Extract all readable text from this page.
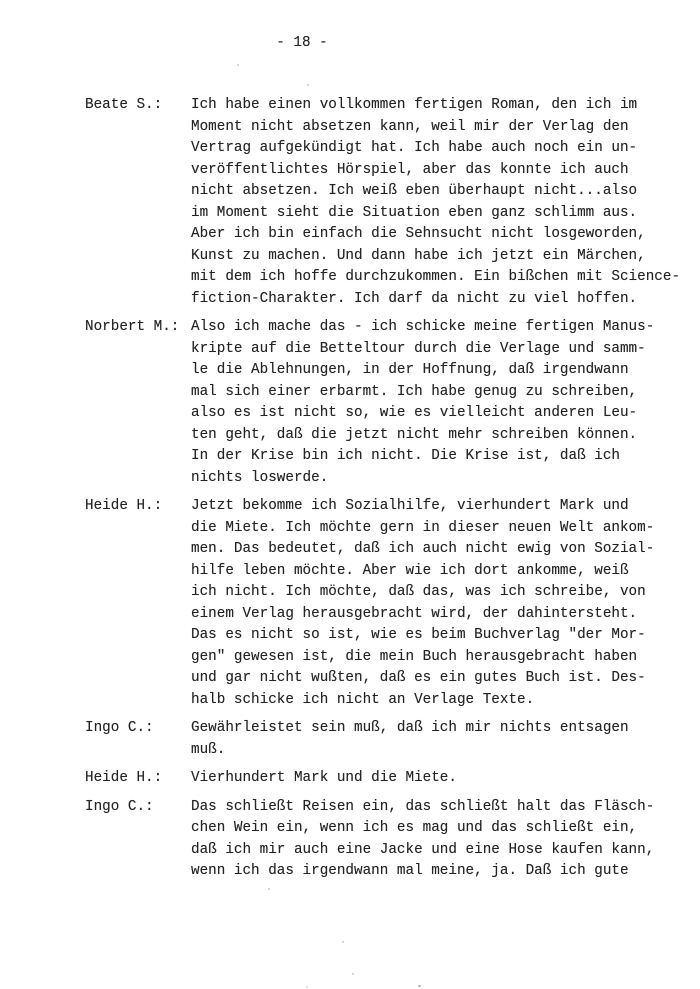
- 18 -
Beate S.:	Ich habe einen vollkommen fertigen Roman, den ich im
Moment nicht absetzen kann, weil mir der Verlag den
Vertrag aufgekündigt hat. Ich habe auch noch ein un-
veröffentlichtes Hörspiel, aber das konnte ich auch
nicht absetzen. Ich weiß eben überhaupt nicht...also
im Moment sieht die Situation eben ganz schlimm aus.
Aber ich bin einfach die Sehnsucht nicht losgeworden,
Kunst zu machen. Und dann habe ich jetzt ein Märchen,
mit dem ich hoffe durchzukommen. Ein bißchen mit Science-
fiction-Charakter. Ich darf da nicht zu viel hoffen.
Norbert M.: Also ich mache das - ich schicke meine fertigen Manus-
kripte auf die Betteltour durch die Verlage und samm-
le die Ablehnungen, in der Hoffnung, daß irgendwann
mal sich einer erbarmt. Ich habe genug zu schreiben,
also es ist nicht so, wie es vielleicht anderen Leu-
ten geht, daß die jetzt nicht mehr schreiben können.
In der Krise bin ich nicht. Die Krise ist, daß ich
nichts loswerde.
Heide H.:	Jetzt bekomme ich Sozialhilfe, vierhundert Mark und
die Miete. Ich möchte gern in dieser neuen Welt ankom-
men. Das bedeutet, daß ich auch nicht ewig von Sozial-
hilfe leben möchte. Aber wie ich dort ankomme, weiß
ich nicht. Ich möchte, daß das, was ich schreibe, von
einem Verlag herausgebracht wird, der dahintersteht.
Das es nicht so ist, wie es beim Buchverlag "der Mor-
gen" gewesen ist, die mein Buch herausgebracht haben
und gar nicht wußten, daß es ein gutes Buch ist. Des-
halb schicke ich nicht an Verlage Texte.
Ingo C.:	Gewährleistet sein muß, daß ich mir nichts entsagen
muß.
Heide H.:	Vierhundert Mark und die Miete.
Ingo C.:	Das schließt Reisen ein, das schließt halt das Fläsch-
chen Wein ein, wenn ich es mag und das schließt ein,
daß ich mir auch eine Jacke und eine Hose kaufen kann,
wenn ich das irgendwann mal meine, ja. Daß ich gute
